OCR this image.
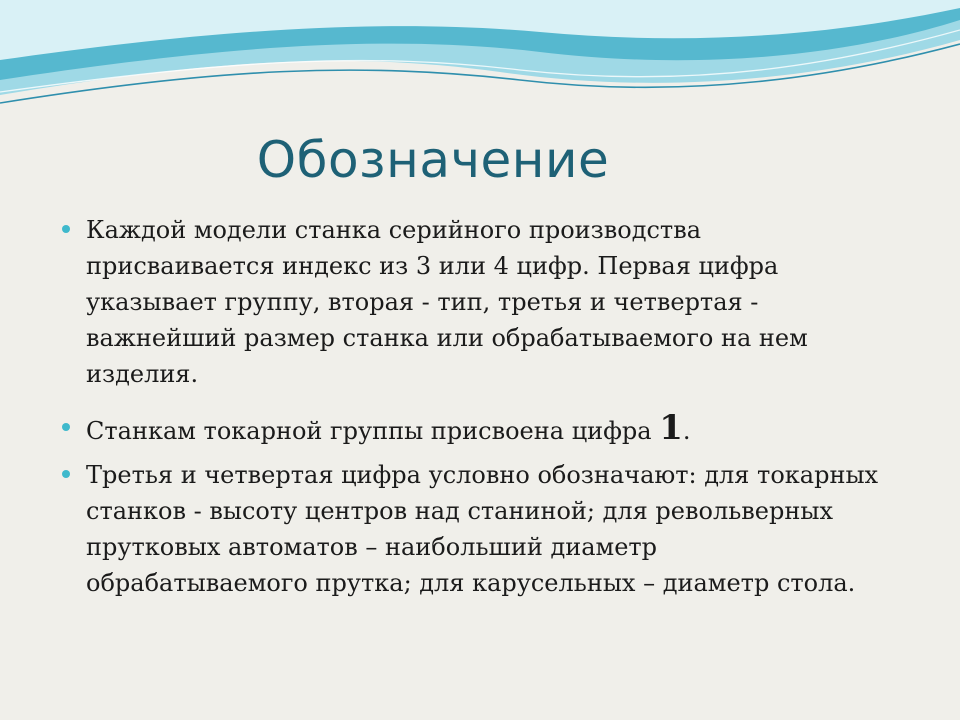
Обозначение
Каждой модели станка серийного производства присваивается индекс из 3 или 4 цифр. Первая цифра указывает группу, вторая - тип, третья и четвертая - важнейший размер станка или обрабатываемого на нем изделия.
Станкам токарной группы присвоена цифра 1.
Третья и четвертая цифра условно обозначают: для токарных станков - высоту центров над станиной; для револьверных прутковых автоматов – наибольший диаметр обрабатываемого прутка; для карусельных – диаметр стола.
